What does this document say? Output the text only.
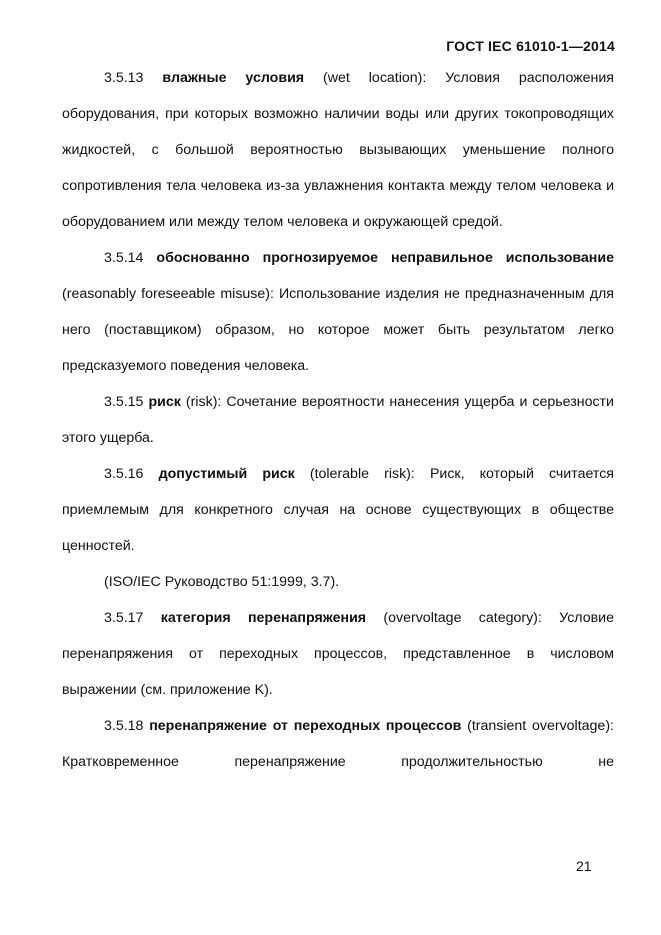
ГОСТ IEC 61010-1—2014

3.5.13 влажные условия (wet location): Условия расположения оборудования, при которых возможно наличии воды или других токопроводящих жидкостей, с большой вероятностью вызывающих уменьшение полного сопротивления тела человека из-за увлажнения контакта между телом человека и оборудованием или между телом человека и окружающей средой.

3.5.14 обоснованно прогнозируемое неправильное использование (reasonably foreseeable misuse): Использование изделия не предназначенным для него (поставщиком) образом, но которое может быть результатом легко предсказуемого поведения человека.

3.5.15 риск (risk): Сочетание вероятности нанесения ущерба и серьезности этого ущерба.

3.5.16 допустимый риск (tolerable risk): Риск, который считается приемлемым для конкретного случая на основе существующих в обществе ценностей.

(ISO/IEC Руководство 51:1999, 3.7).

3.5.17 категория перенапряжения (overvoltage category): Условие перенапряжения от переходных процессов, представленное в числовом выражении (см. приложение K).

3.5.18 перенапряжение от переходных процессов (transient overvoltage): Кратковременное перенапряжение продолжительностью не

21
